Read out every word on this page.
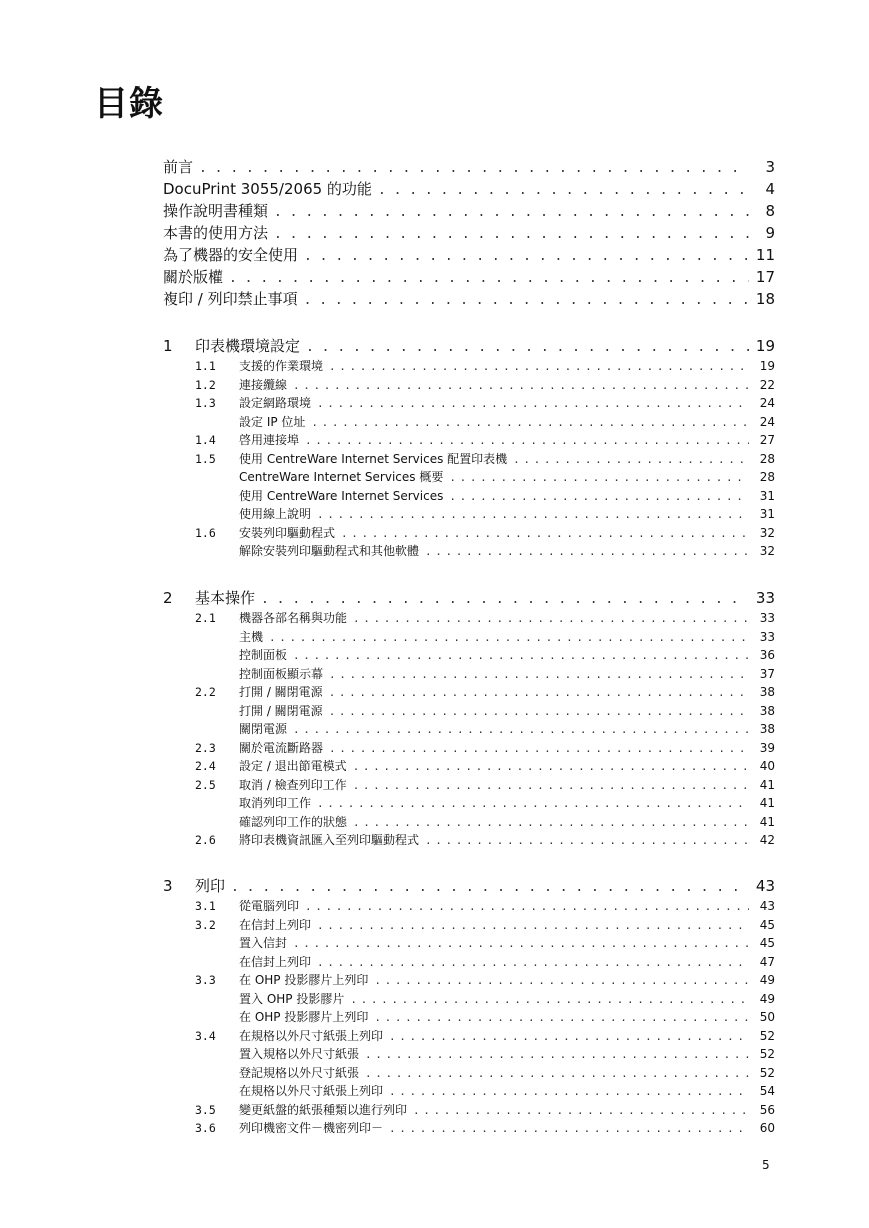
目錄
前言 . . .	3
DocuPrint 3055/2065 的功能 . . .	4
操作說明書種類 . . .	8
本書的使用方法 . . .	9
為了機器的安全使用 . . .	11
關於版權 . . .	17
複印 / 列印禁止事項 . . .	18
1	印表機環境設定 . . .	19
1.1	支援的作業環境 . . .	19
1.2	連接纜線 . . .	22
1.3	設定網路環境 . . .	24
設定 IP 位址 . . .	24
1.4	啓用連接埠 . . .	27
1.5	使用 CentreWare Internet Services 配置印表機 . . .	28
CentreWare Internet Services 概要 . . .	28
使用 CentreWare Internet Services . . .	31
使用線上說明 . . .	31
1.6	安裝列印驅動程式 . . .	32
解除安裝列印驅動程式和其他軟體 . . .	32
2	基本操作 . . .	33
2.1	機器各部名稱與功能 . . .	33
主機 . . .	33
控制面板 . . .	36
控制面板顯示幕 . . .	37
2.2	打開 / 關閉電源 . . .	38
打開 / 關閉電源 . . .	38
關閉電源 . . .	38
2.3	關於電流斷路器 . . .	39
2.4	設定 / 退出節電模式 . . .	40
2.5	取消 / 檢查列印工作 . . .	41
取消列印工作 . . .	41
確認列印工作的狀態 . . .	41
2.6	將印表機資訊匯入至列印驅動程式 . . .	42
3	列印 . . .	43
3.1	從電腦列印 . . .	43
3.2	在信封上列印 . . .	45
置入信封 . . .	45
在信封上列印 . . .	47
3.3	在 OHP 投影膠片上列印 . . .	49
置入 OHP 投影膠片 . . .	49
在 OHP 投影膠片上列印 . . .	50
3.4	在規格以外尺寸紙張上列印 . . .	52
置入規格以外尺寸紙張 . . .	52
登記規格以外尺寸紙張 . . .	52
在規格以外尺寸紙張上列印 . . .	54
3.5	變更紙盤的紙張種類以進行列印 . . .	56
3.6	列印機密文件－機密列印－ . . .	60
5
